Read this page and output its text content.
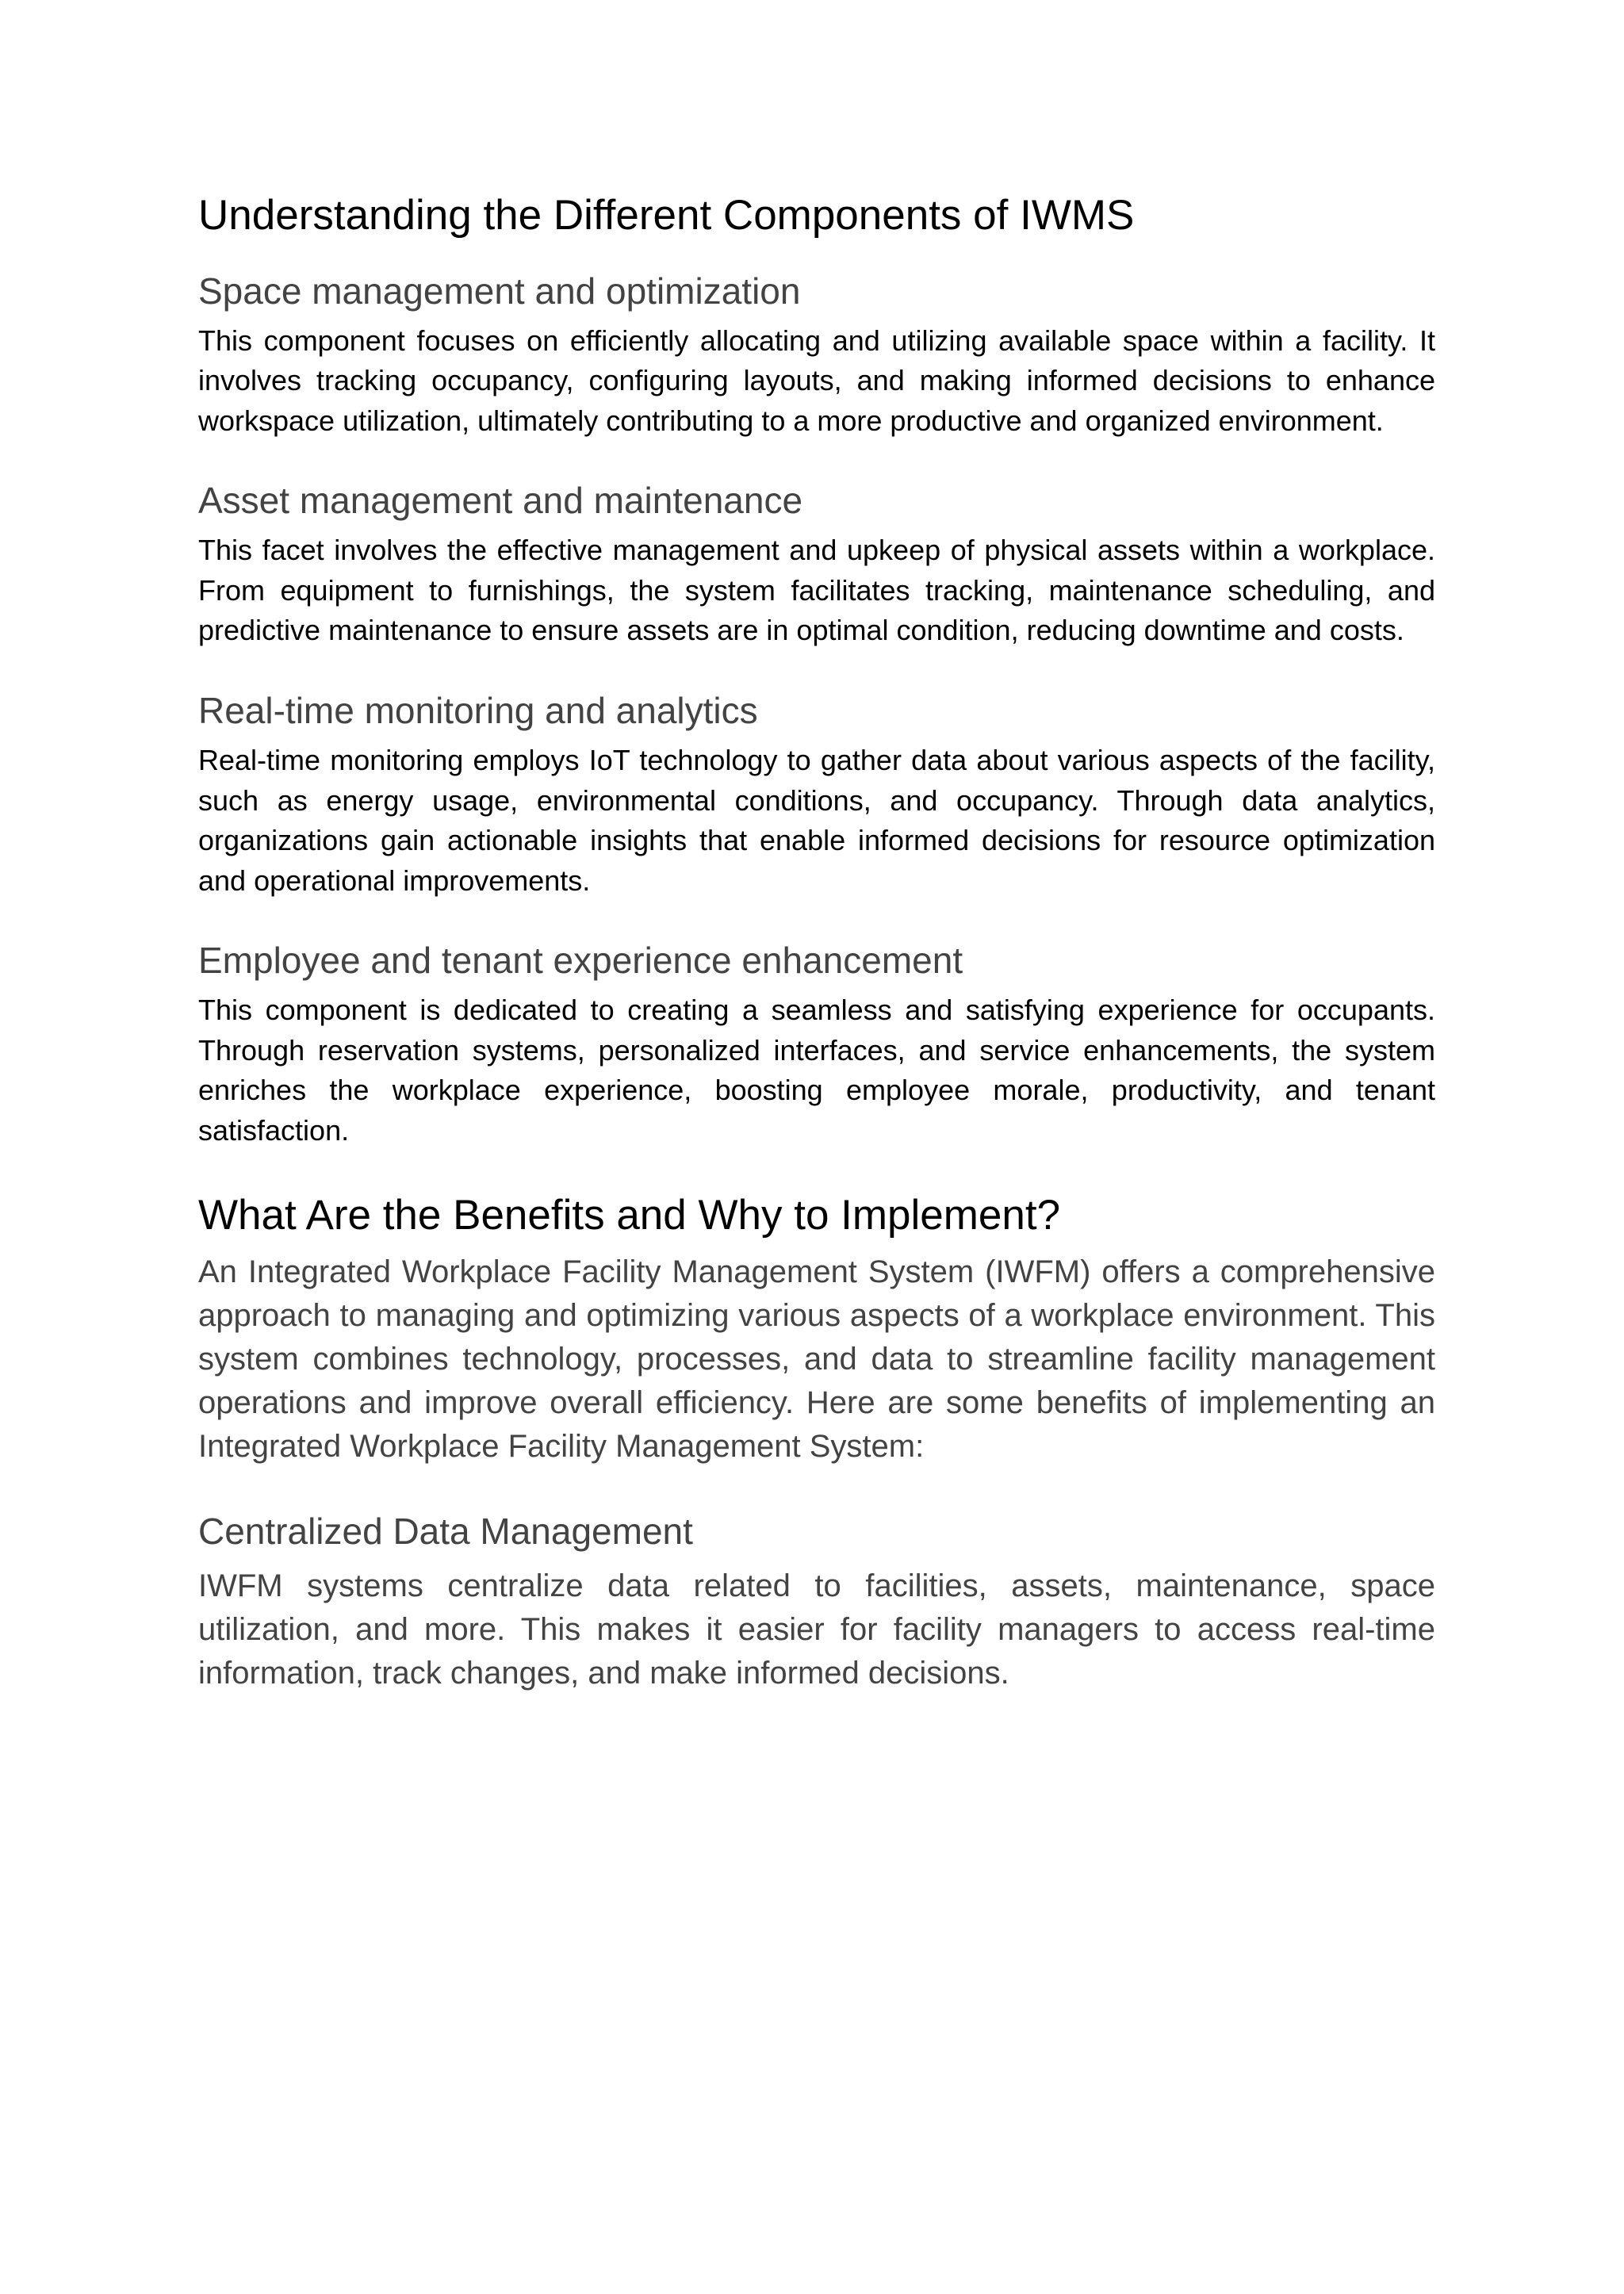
Understanding the Different Components of IWMS
Space management and optimization

This component focuses on efficiently allocating and utilizing available space within a facility. It involves tracking occupancy, configuring layouts, and making informed decisions to enhance workspace utilization, ultimately contributing to a more productive and organized environment.

Asset management and maintenance

This facet involves the effective management and upkeep of physical assets within a workplace. From equipment to furnishings, the system facilitates tracking, maintenance scheduling, and predictive maintenance to ensure assets are in optimal condition, reducing downtime and costs.

Real-time monitoring and analytics

Real-time monitoring employs IoT technology to gather data about various aspects of the facility, such as energy usage, environmental conditions, and occupancy. Through data analytics, organizations gain actionable insights that enable informed decisions for resource optimization and operational improvements.

Employee and tenant experience enhancement

This component is dedicated to creating a seamless and satisfying experience for occupants. Through reservation systems, personalized interfaces, and service enhancements, the system enriches the workplace experience, boosting employee morale, productivity, and tenant satisfaction.

What Are the Benefits and Why to Implement?

An Integrated Workplace Facility Management System (IWFM) offers a comprehensive approach to managing and optimizing various aspects of a workplace environment. This system combines technology, processes, and data to streamline facility management operations and improve overall efficiency. Here are some benefits of implementing an Integrated Workplace Facility Management System:

Centralized Data Management

IWFM systems centralize data related to facilities, assets, maintenance, space utilization, and more. This makes it easier for facility managers to access real-time information, track changes, and make informed decisions.
